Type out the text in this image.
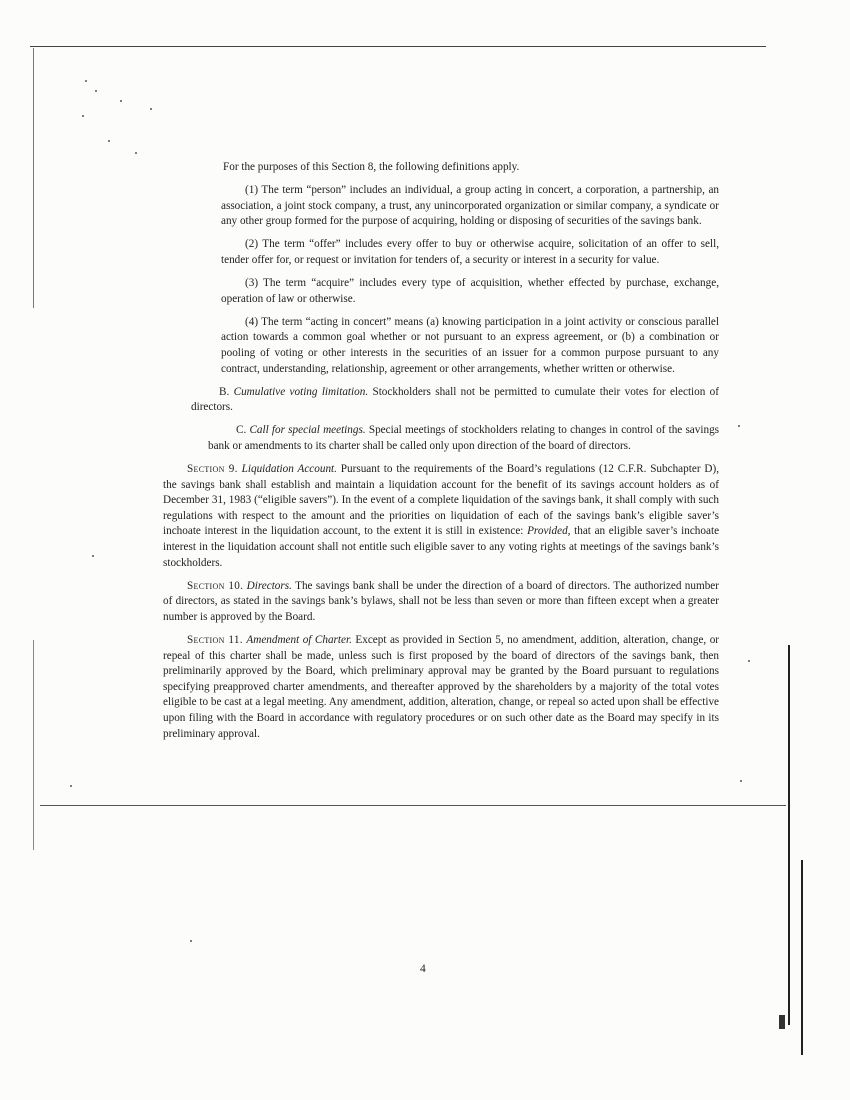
For the purposes of this Section 8, the following definitions apply.

(1) The term “person” includes an individual, a group acting in concert, a corporation, a partnership, an association, a joint stock company, a trust, any unincorporated organization or similar company, a syndicate or any other group formed for the purpose of acquiring, holding or disposing of securities of the savings bank.

(2) The term “offer” includes every offer to buy or otherwise acquire, solicitation of an offer to sell, tender offer for, or request or invitation for tenders of, a security or interest in a security for value.

(3) The term “acquire” includes every type of acquisition, whether effected by purchase, exchange, operation of law or otherwise.

(4) The term “acting in concert” means (a) knowing participation in a joint activity or conscious parallel action towards a common goal whether or not pursuant to an express agreement, or (b) a combination or pooling of voting or other interests in the securities of an issuer for a common purpose pursuant to any contract, understanding, relationship, agreement or other arrangements, whether written or otherwise.

B. Cumulative voting limitation. Stockholders shall not be permitted to cumulate their votes for election of directors.

C. Call for special meetings. Special meetings of stockholders relating to changes in control of the savings bank or amendments to its charter shall be called only upon direction of the board of directors.

Section 9. Liquidation Account. Pursuant to the requirements of the Board’s regulations (12 C.F.R. Subchapter D), the savings bank shall establish and maintain a liquidation account for the benefit of its savings account holders as of December 31, 1983 (“eligible savers”). In the event of a complete liquidation of the savings bank, it shall comply with such regulations with respect to the amount and the priorities on liquidation of each of the savings bank’s eligible saver’s inchoate interest in the liquidation account, to the extent it is still in existence: Provided, that an eligible saver’s inchoate interest in the liquidation account shall not entitle such eligible saver to any voting rights at meetings of the savings bank’s stockholders.

Section 10. Directors. The savings bank shall be under the direction of a board of directors. The authorized number of directors, as stated in the savings bank’s bylaws, shall not be less than seven or more than fifteen except when a greater number is approved by the Board.

Section 11. Amendment of Charter. Except as provided in Section 5, no amendment, addition, alteration, change, or repeal of this charter shall be made, unless such is first proposed by the board of directors of the savings bank, then preliminarily approved by the Board, which preliminary approval may be granted by the Board pursuant to regulations specifying preapproved charter amendments, and thereafter approved by the shareholders by a majority of the total votes eligible to be cast at a legal meeting. Any amendment, addition, alteration, change, or repeal so acted upon shall be effective upon filing with the Board in accordance with regulatory procedures or on such other date as the Board may specify in its preliminary approval.

4
